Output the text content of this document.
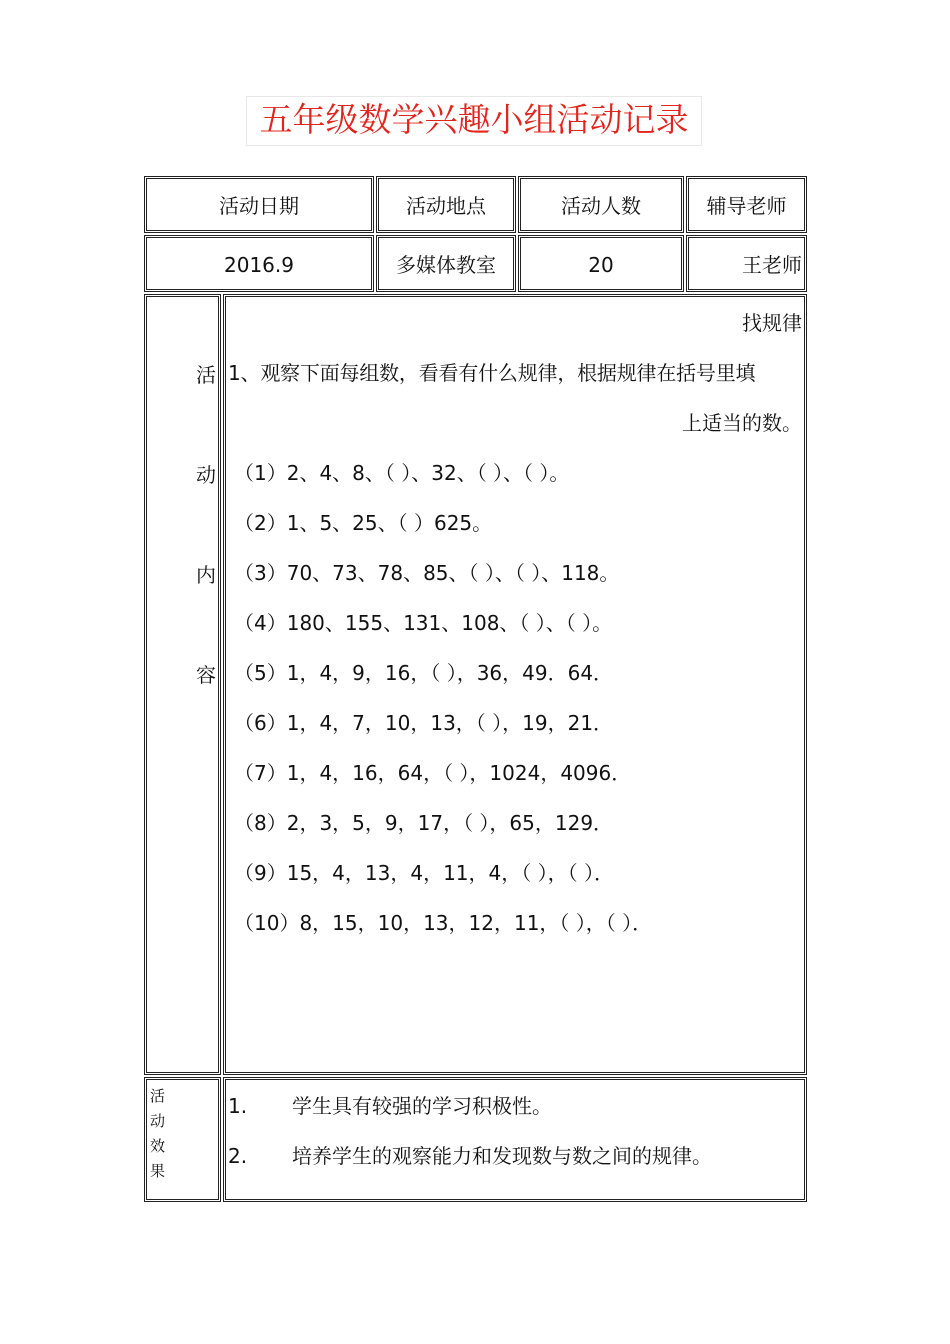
五年级数学兴趣小组活动记录
活动日期	活动地点	活动人数	辅导老师
2016.9	多媒体教室	20	王老师
活
动
内
容
找规律
1、观察下面每组数，看看有什么规律，根据规律在括号里填
上适当的数。
（1）2、4、8、（ ）、32、（ ）、（ ）。
（2）1、5、25、（ ）625。
（3）70、73、78、85、（ ）、（ ）、118。
（4）180、155、131、108、（ ）、（ ）。
（5）1，4，9，16，（ ），36，49．64．
（6）1，4，7，10，13，（ ），19，21．
（7）1，4，16，64，（ ），1024，4096．
（8）2，3，5，9，17，（ ），65，129．
（9）15，4，13，4，11，4，（ ），（ ）．
（10）8，15，10，13，12，11，（ ），（ ）．
活
动
效
果
1. 学生具有较强的学习积极性。
2. 培养学生的观察能力和发现数与数之间的规律。
